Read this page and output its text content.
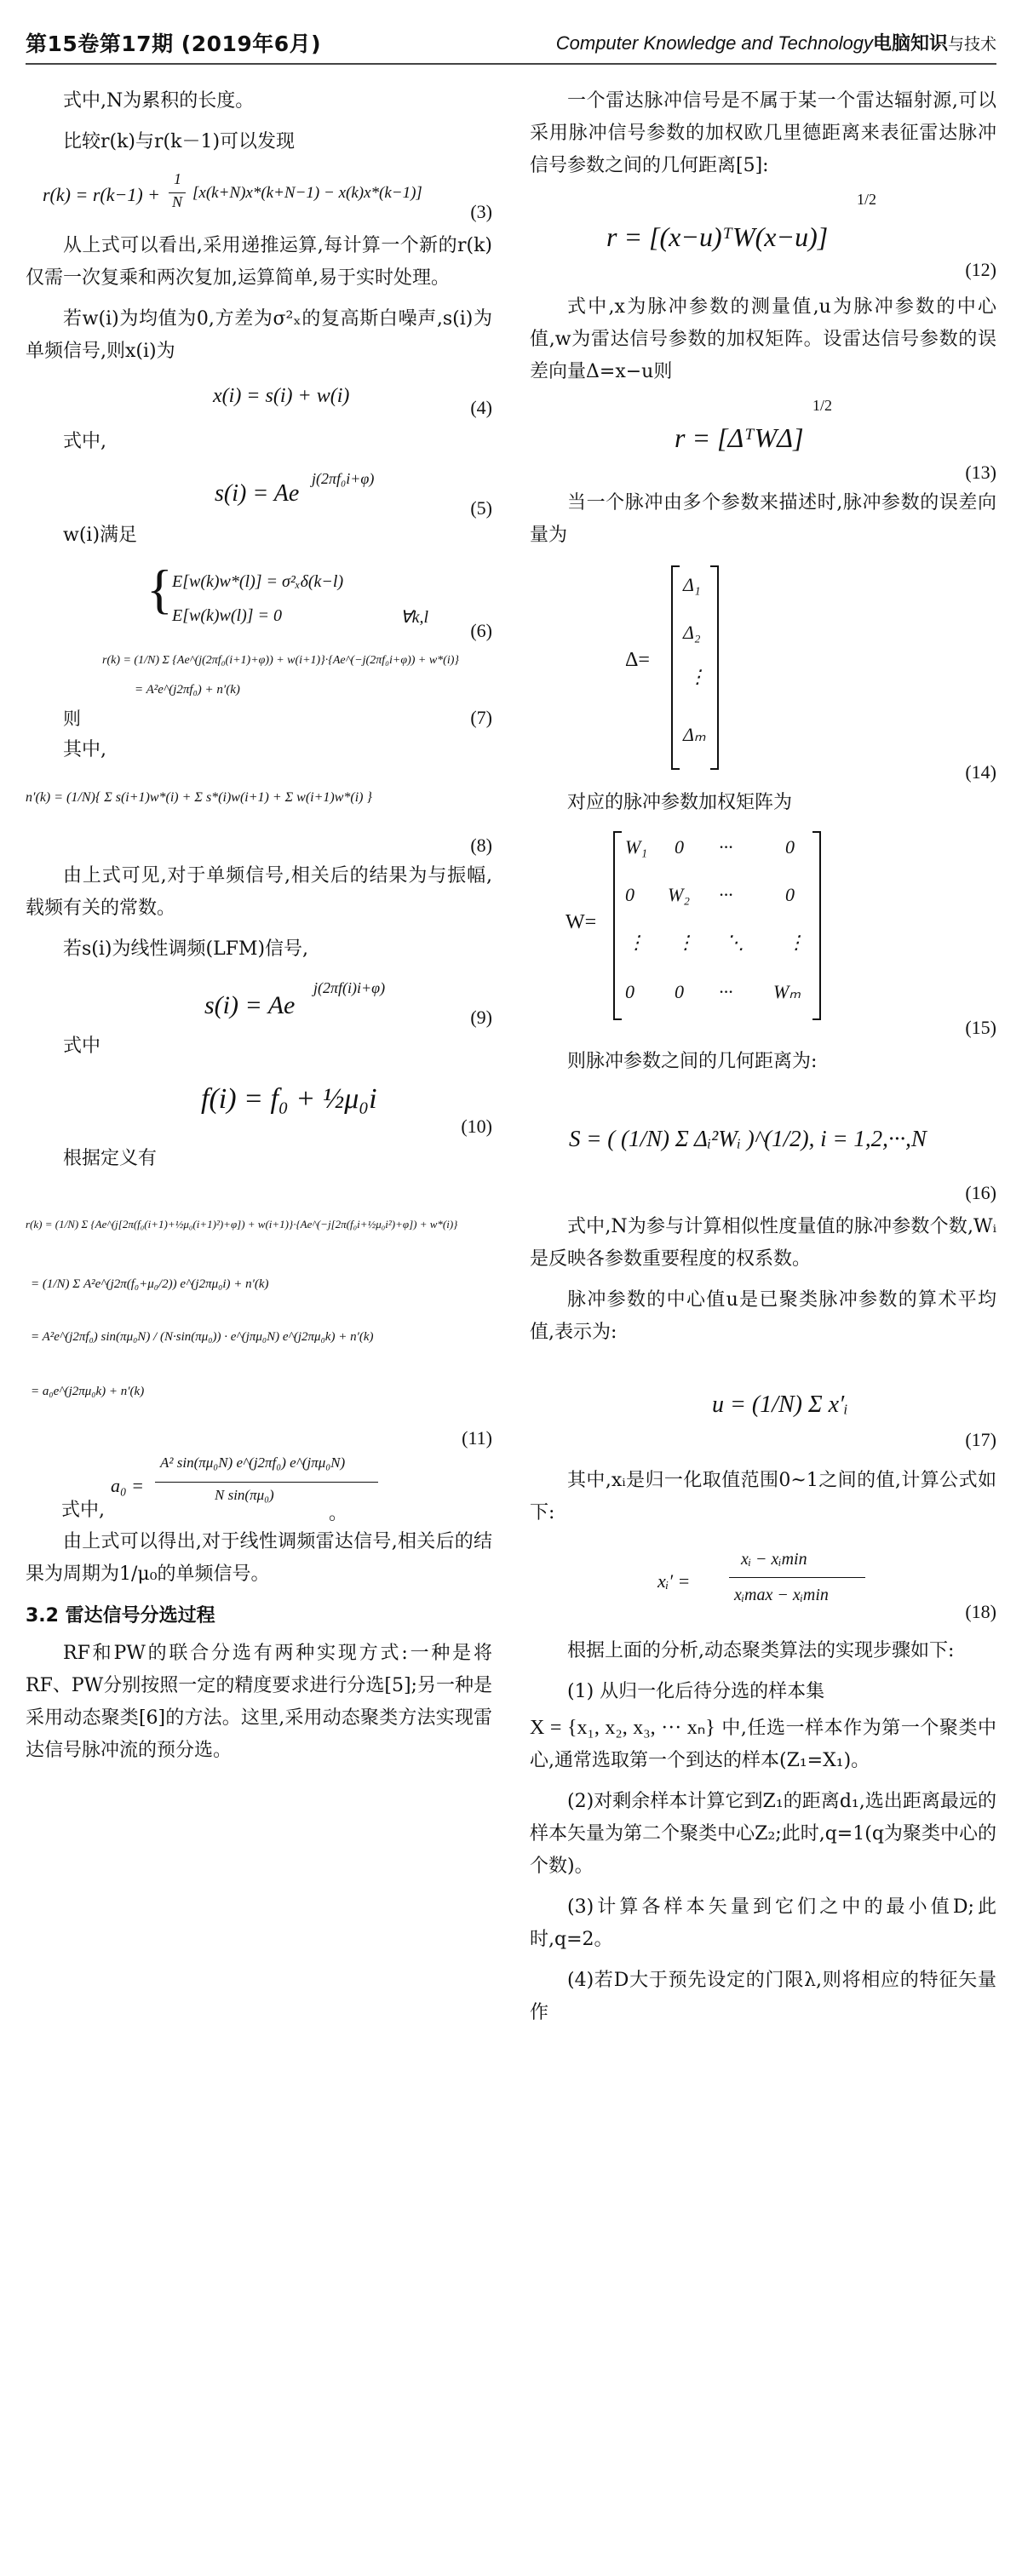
第15卷第17期 (2019年6月)	Computer Knowledge and Technology电脑知识与技术

式中,N为累积的长度。

比较r(k)与r(k－1)可以发现

r(k) = r(k−1) +
1
N [x(k+N)x*(k+N−1) − x(k)x*(k−1)]
(3)

从上式可以看出,采用递推运算,每计算一个新的r(k)仅需一次复乘和两次复加,运算简单,易于实时处理。

若w(i)为均值为0,方差为σ²ₓ的复高斯白噪声,s(i)为单频信号,则x(i)为

x(i) = s(i) + w(i)
(4)

式中,

s(i) = Ae
j(2πf₀i+φ)
(5)

w(i)满足

{ E[w(k)w*(l)] = σ²ₓδ(k−l)
E[w(k)w(l)] = 0	∀k,l
(6)
r(k) = (1/N) Σ {Ae^(j(2πf₀(i+1)+φ)) + w(i+1)}·{Ae^(−j(2πf₀i+φ)) + w*(i)}
= A²e^(j2πf₀) + n′(k)
则	(7)

其中,

n′(k) = (1/N){ Σ s(i+1)w*(i) + Σ s*(i)w(i+1) + Σ w(i+1)w*(i) }
(8)

由上式可见,对于单频信号,相关后的结果为与振幅,载频有关的常数。

若s(i)为线性调频(LFM)信号,

s(i) = Ae
j(2πf(i)i+φ)
(9)

式中

f(i) = f₀ + ½μ₀i
(10)

根据定义有

r(k) = (1/N) Σ {Ae^(j[2π(f₀(i+1)+½μ₀(i+1)²)+φ]) + w(i+1)}·{Ae^(−j[2π(f₀i+½μ₀i²)+φ]) + w*(i)}
= (1/N) Σ A²e^(j2π(f₀+μ₀/2)) e^(j2πμ₀i) + n′(k)
= A²e^(j2πf₀) sin(πμ₀N) / (N·sin(πμ₀)) · e^(jπμ₀N) e^(j2πμ₀k) + n′(k)
= a₀e^(j2πμ₀k) + n′(k)
(11)
a₀ =
A² sin(πμ₀N) e^(j2πf₀) e^(jπμ₀N)
N sin(πμ₀)
式中,	。

由上式可以得出,对于线性调频雷达信号,相关后的结果为周期为1/μ₀的单频信号。

3.2 雷达信号分选过程

RF和PW的联合分选有两种实现方式:一种是将RF、PW分别按照一定的精度要求进行分选[5];另一种是采用动态聚类[6]的方法。这里,采用动态聚类方法实现雷达信号脉冲流的预分选。

一个雷达脉冲信号是不属于某一个雷达辐射源,可以采用脉冲信号参数的加权欧几里德距离来表征雷达脉冲信号参数之间的几何距离[5]:

r = [(x−u)ᵀW(x−u)]
1/2
(12)

式中,x为脉冲参数的测量值,u为脉冲参数的中心值,w为雷达信号参数的加权矩阵。设雷达信号参数的误差向量Δ=x−u则

r = [ΔᵀWΔ]
1/2
(13)

当一个脉冲由多个参数来描述时,脉冲参数的误差向量为

Δ=
Δ₁
Δ₂
⋮
Δₘ
(14)

对应的脉冲参数加权矩阵为

W=
W₁ 0 ···	0
0 W₂ ···	0
⋮ ⋮ ⋱ ⋮
0 0 ··· Wₘ
(15)

则脉冲参数之间的几何距离为:

S = ( (1/N) Σ Δᵢ²Wᵢ )^(1/2), i = 1,2,···,N
(16)

式中,N为参与计算相似性度量值的脉冲参数个数,Wᵢ是反映各参数重要程度的权系数。

脉冲参数的中心值u是已聚类脉冲参数的算术平均值,表示为:

u = (1/N) Σ x′ᵢ
(17)

其中,xᵢ是归一化取值范围0~1之间的值,计算公式如下:

xᵢ′ =
xᵢ − xᵢmin
xᵢmax − xᵢmin
(18)

根据上面的分析,动态聚类算法的实现步骤如下:

(1) 从归一化后待分选的样本集

X = {x₁, x₂, x₃, ··· xₙ} 中,任选一样本作为第一个聚类中心,通常选取第一个到达的样本(Z₁=X₁)。

(2)对剩余样本计算它到Z₁的距离d₁,选出距离最远的样本矢量为第二个聚类中心Z₂;此时,q=1(q为聚类中心的个数)。

(3)计算各样本矢量到它们之中的最小值D;此时,q=2。

(4)若D大于预先设定的门限λ,则将相应的特征矢量作
